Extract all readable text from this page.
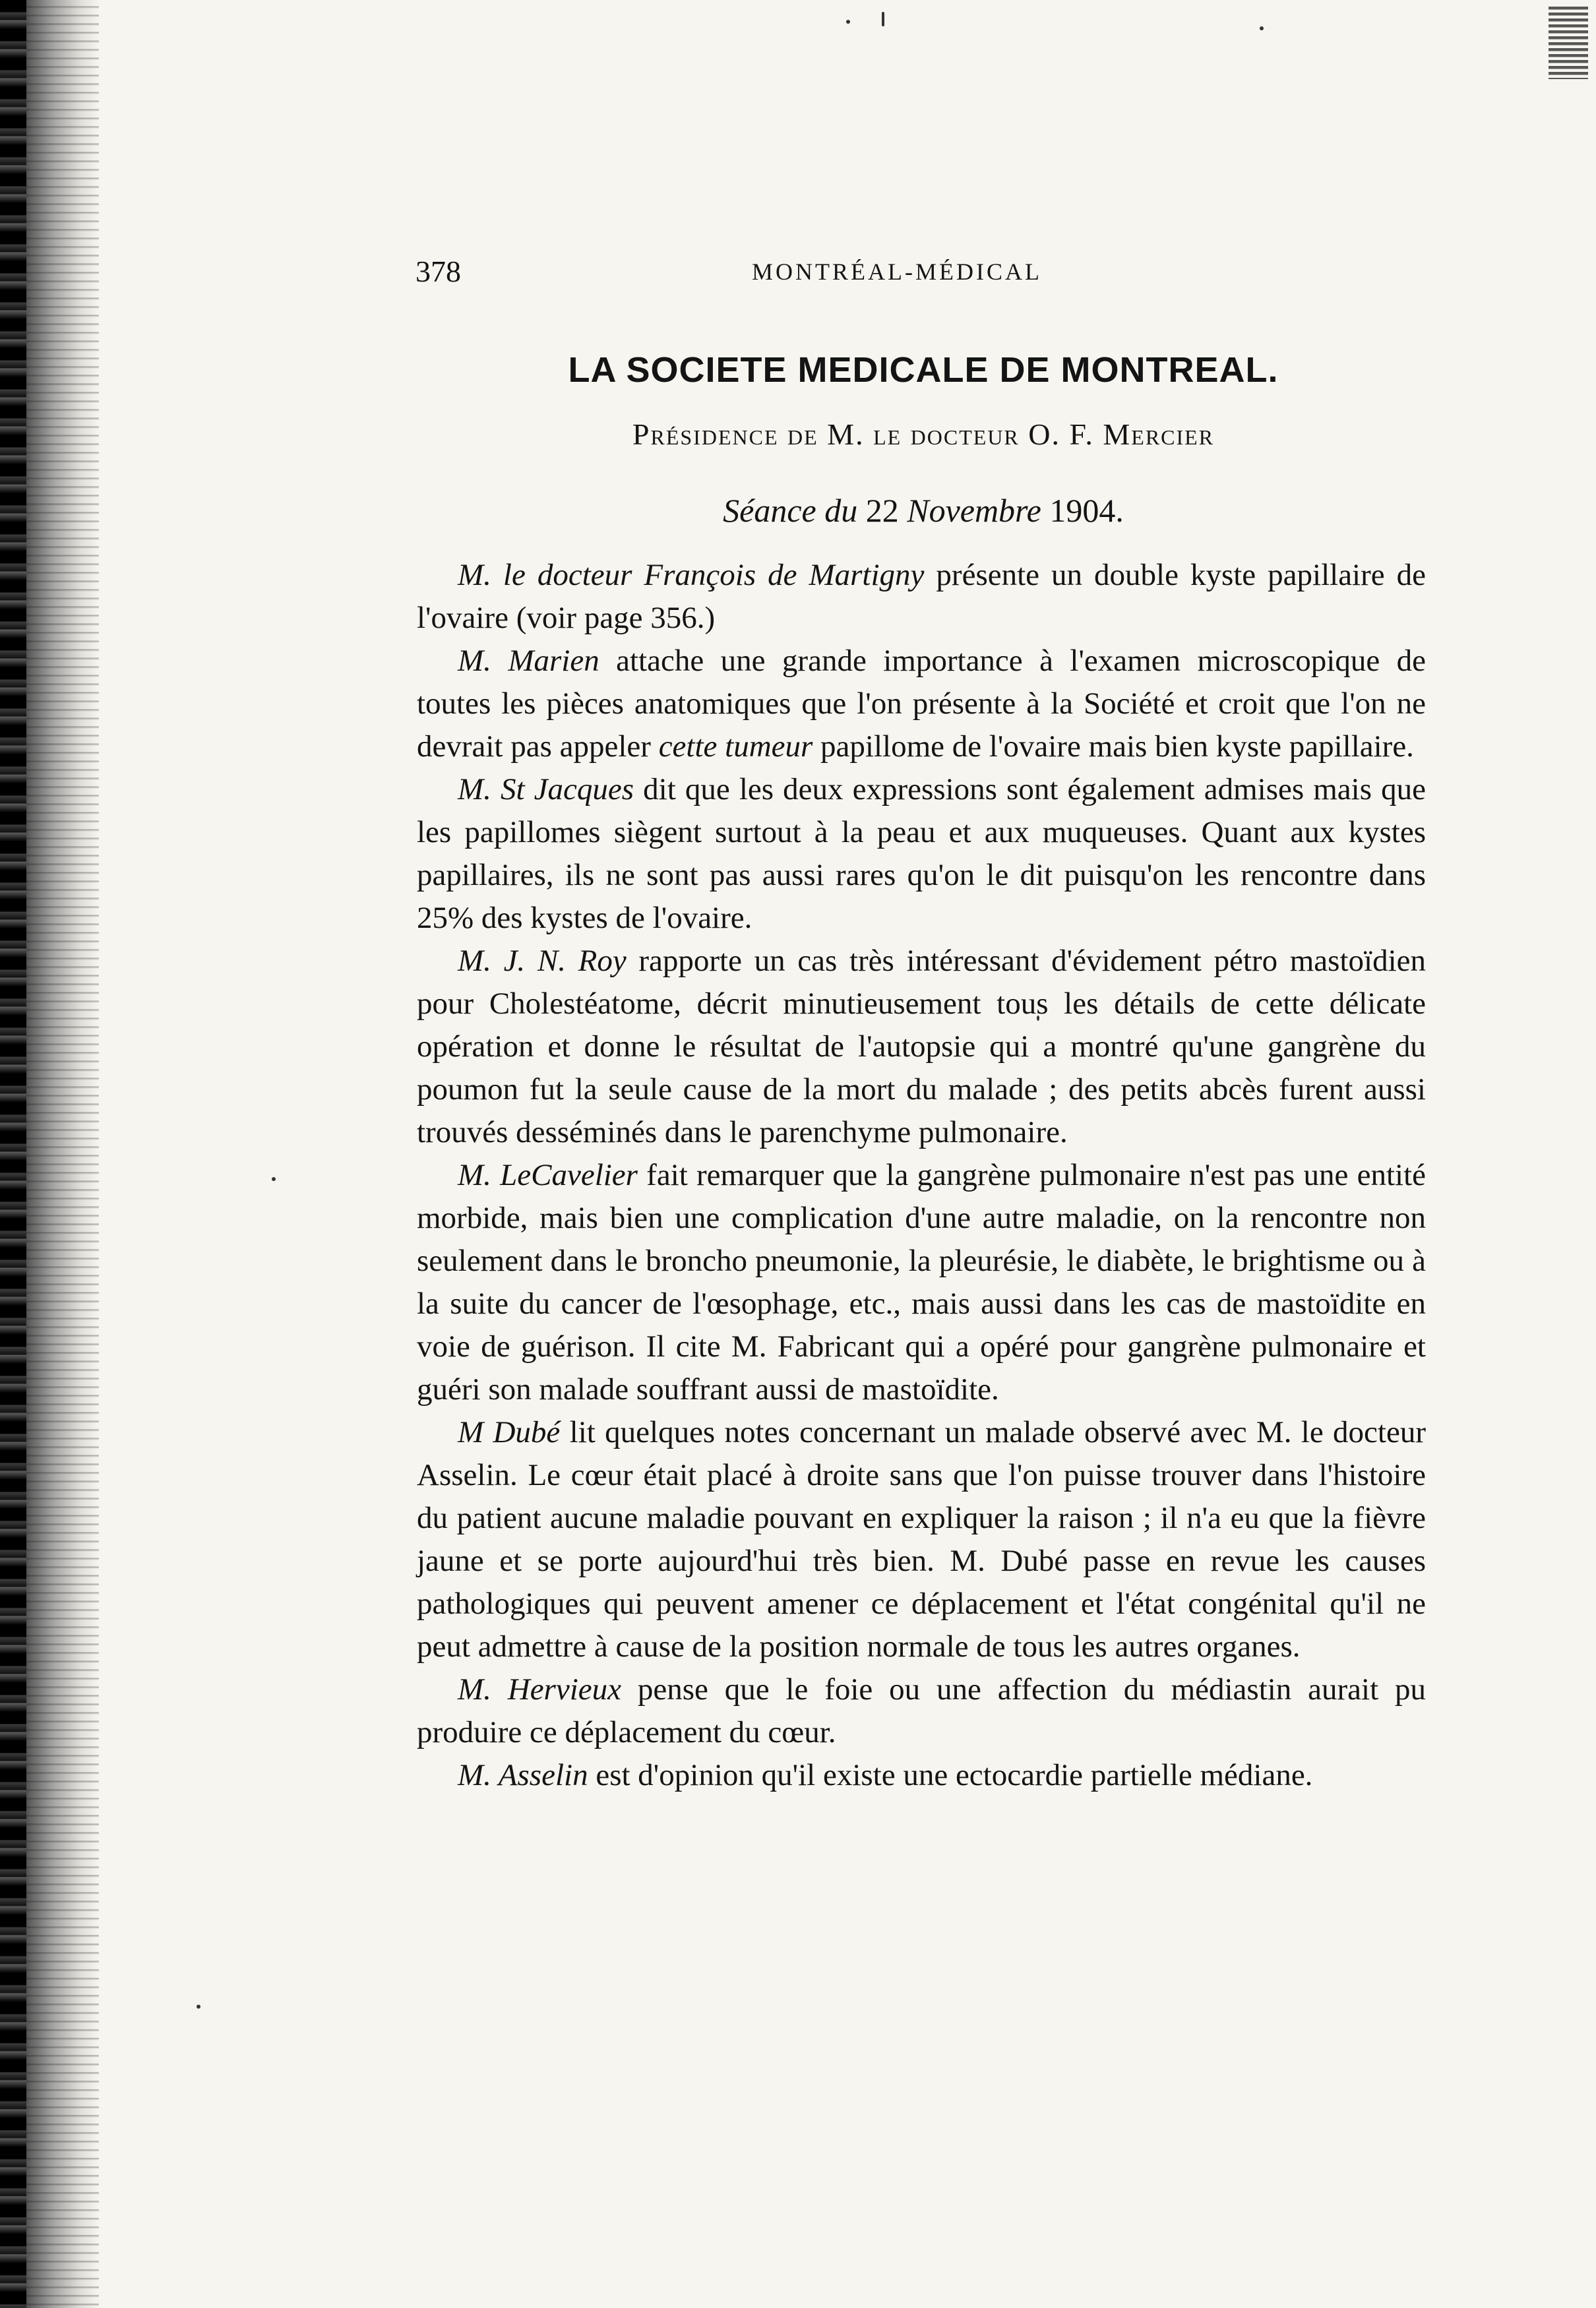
378	MONTRÉAL-MÉDICAL
LA SOCIETE MEDICALE DE MONTREAL.
Présidence de M. le docteur O. F. Mercier
Séance du 22 Novembre 1904.

M. le docteur François de Martigny présente un double kyste papillaire de l'ovaire (voir page 356.)

M. Marien attache une grande importance à l'examen microscopique de toutes les pièces anatomiques que l'on présente à la Société et croit que l'on ne devrait pas appeler cette tumeur papillome de l'ovaire mais bien kyste papillaire.

M. St Jacques dit que les deux expressions sont également admises mais que les papillomes siègent surtout à la peau et aux muqueuses. Quant aux kystes papillaires, ils ne sont pas aussi rares qu'on le dit puisqu'on les rencontre dans 25% des kystes de l'ovaire.

M. J. N. Roy rapporte un cas très intéressant d'évidement pétro mastoïdien pour Cholestéatome, décrit minutieusement tous les détails de cette délicate opération et donne le résultat de l'autopsie qui a montré qu'une gangrène du poumon fut la seule cause de la mort du malade ; des petits abcès furent aussi trouvés desséminés dans le parenchyme pulmonaire.

M. LeCavelier fait remarquer que la gangrène pulmonaire n'est pas une entité morbide, mais bien une complication d'une autre maladie, on la rencontre non seulement dans le broncho pneumonie, la pleurésie, le diabète, le brightisme ou à la suite du cancer de l'œsophage, etc., mais aussi dans les cas de mastoïdite en voie de guérison. Il cite M. Fabricant qui a opéré pour gangrène pulmonaire et guéri son malade souffrant aussi de mastoïdite.

M Dubé lit quelques notes concernant un malade observé avec M. le docteur Asselin. Le cœur était placé à droite sans que l'on puisse trouver dans l'histoire du patient aucune maladie pouvant en expliquer la raison ; il n'a eu que la fièvre jaune et se porte aujourd'hui très bien. M. Dubé passe en revue les causes pathologiques qui peuvent amener ce déplacement et l'état congénital qu'il ne peut admettre à cause de la position normale de tous les autres organes.

M. Hervieux pense que le foie ou une affection du médiastin aurait pu produire ce déplacement du cœur.

M. Asselin est d'opinion qu'il existe une ectocardie partielle médiane.
